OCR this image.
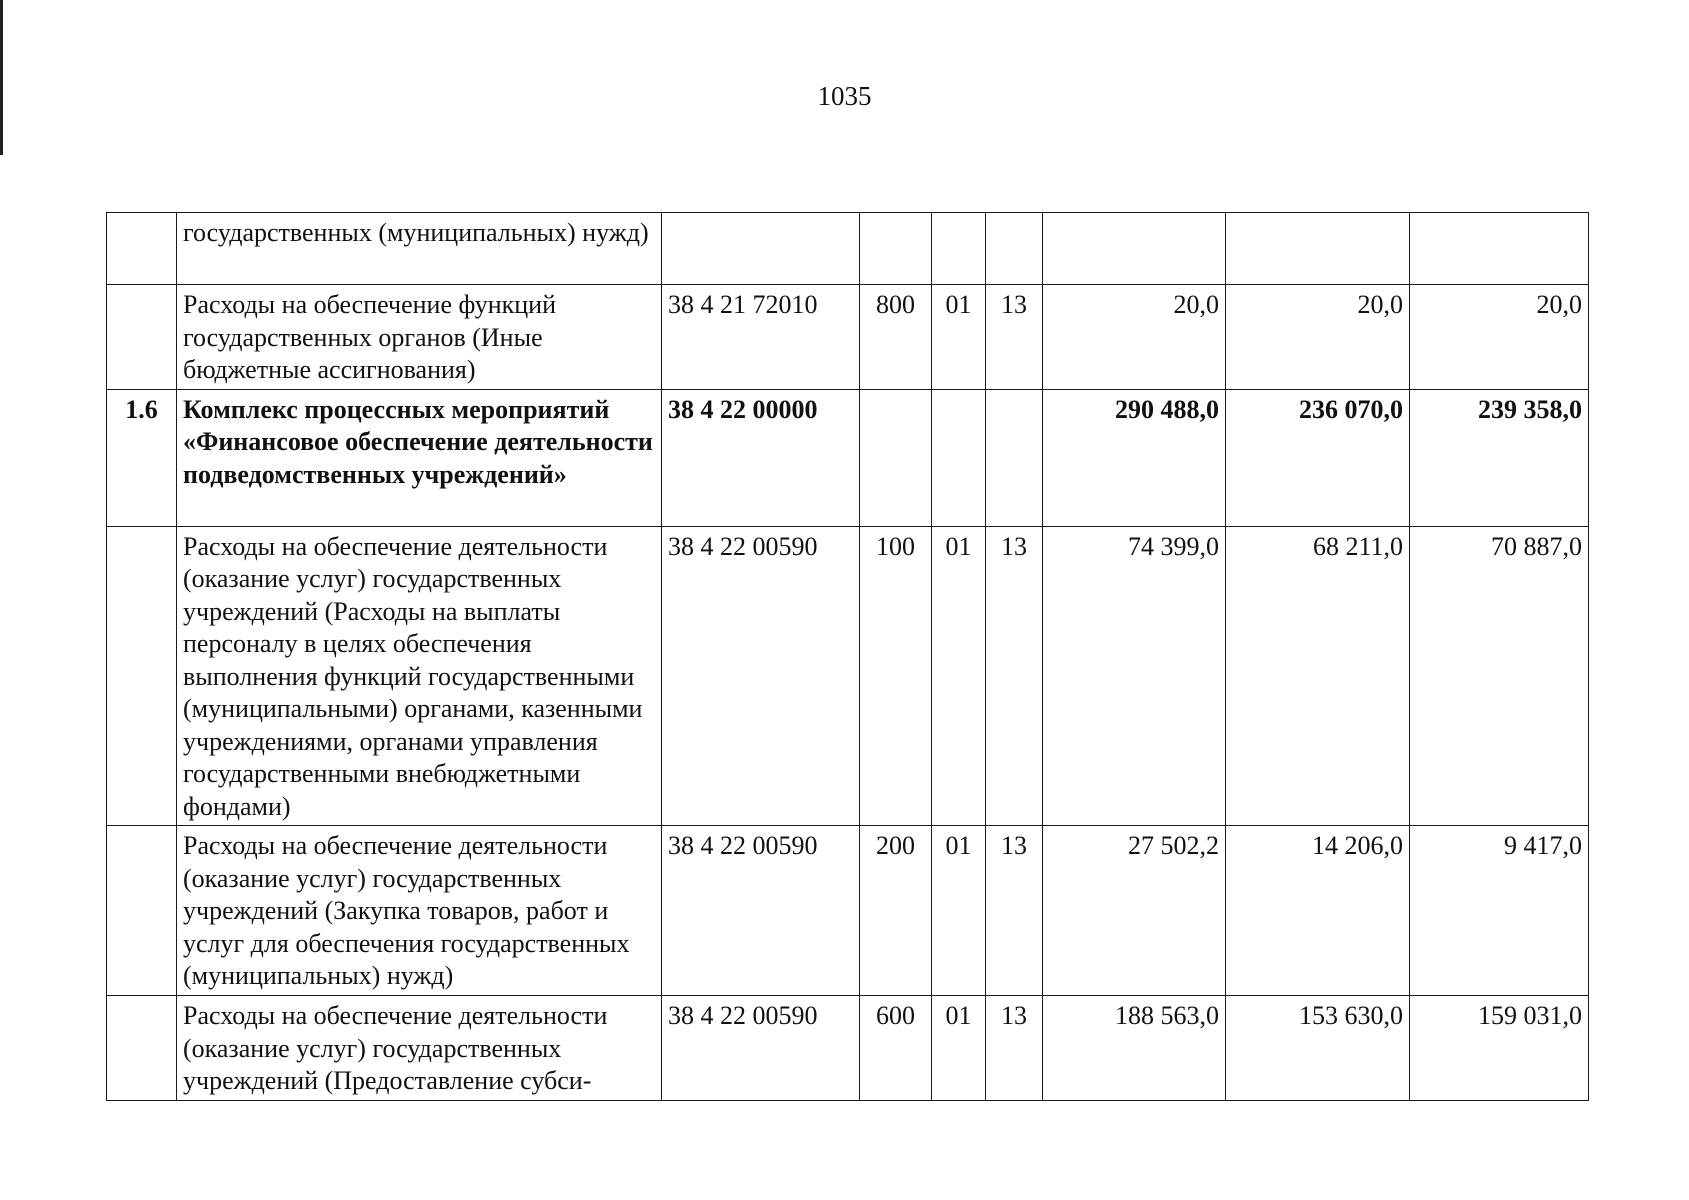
1035
	государственных (муниципальных) нужд)							
	Расходы на обеспечение функций государственных органов (Иные бюджетные ассигнования)	38 4 21 72010	800	01	13	20,0	20,0	20,0
1.6	Комплекс процессных мероприятий «Финансовое обеспечение деятельности подведомственных учреждений»	38 4 22 00000				290 488,0	236 070,0	239 358,0
	Расходы на обеспечение деятельности (оказание услуг) государственных учреждений (Расходы на выплаты персоналу в целях обеспечения выполнения функций государственными (муниципальными) органами, казенными учреждениями, органами управления государственными внебюджетными фондами)	38 4 22 00590	100	01	13	74 399,0	68 211,0	70 887,0
	Расходы на обеспечение деятельности (оказание услуг) государственных учреждений (Закупка товаров, работ и услуг для обеспечения государственных (муниципальных) нужд)	38 4 22 00590	200	01	13	27 502,2	14 206,0	9 417,0
	Расходы на обеспечение деятельности (оказание услуг) государственных учреждений (Предоставление субси-	38 4 22 00590	600	01	13	188 563,0	153 630,0	159 031,0
